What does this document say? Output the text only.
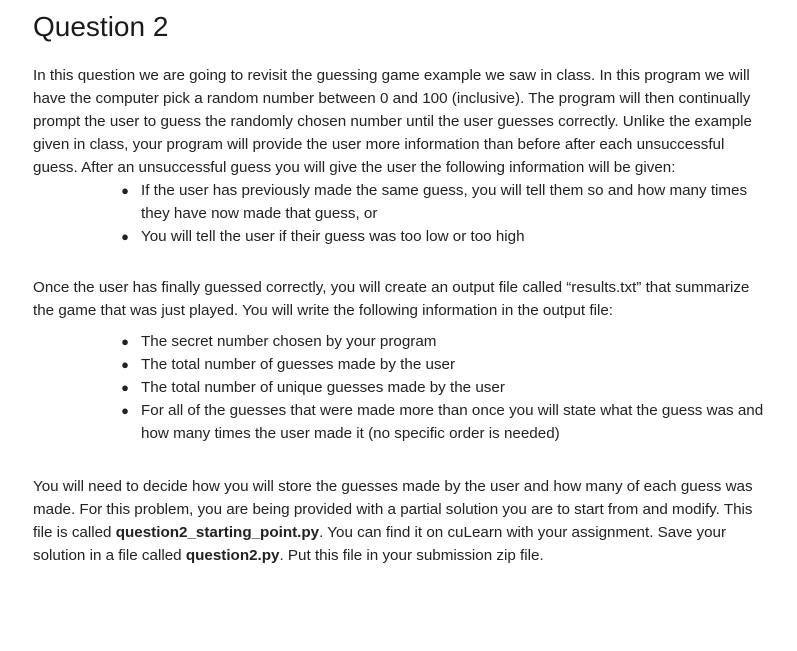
Question 2

In this question we are going to revisit the guessing game example we saw in class. In this program we will have the computer pick a random number between 0 and 100 (inclusive). The program will then continually prompt the user to guess the randomly chosen number until the user guesses correctly. Unlike the example given in class, your program will provide the user more information than before after each unsuccessful guess. After an unsuccessful guess you will give the user the following information will be given:

● If the user has previously made the same guess, you will tell them so and how many times they have now made that guess, or
● You will tell the user if their guess was too low or too high

Once the user has finally guessed correctly, you will create an output file called “results.txt” that summarize the game that was just played. You will write the following information in the output file:

● The secret number chosen by your program
● The total number of guesses made by the user
● The total number of unique guesses made by the user
● For all of the guesses that were made more than once you will state what the guess was and how many times the user made it (no specific order is needed)

You will need to decide how you will store the guesses made by the user and how many of each guess was made. For this problem, you are being provided with a partial solution you are to start from and modify. This file is called question2_starting_point.py. You can find it on cuLearn with your assignment. Save your solution in a file called question2.py. Put this file in your submission zip file.
